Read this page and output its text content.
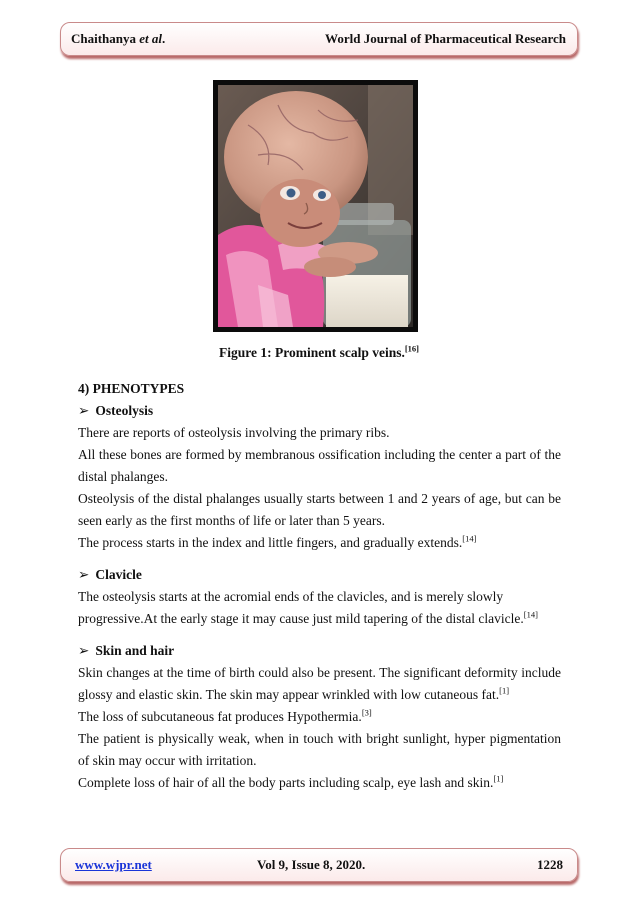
Chaithanya et al.	World Journal of Pharmaceutical Research
Figure 1: Prominent scalp veins.[16]

4) PHENOTYPES

➢ Osteolysis

There are reports of osteolysis involving the primary ribs.

All these bones are formed by membranous ossification including the center a part of the distal phalanges.

Osteolysis of the distal phalanges usually starts between 1 and 2 years of age, but can be seen early as the first months of life or later than 5 years.

The process starts in the index and little fingers, and gradually extends.[14]

➢ Clavicle

The osteolysis starts at the acromial ends of the clavicles, and is merely slowly progressive.At the early stage it may cause just mild tapering of the distal clavicle.[14]

➢ Skin and hair

Skin changes at the time of birth could also be present. The significant deformity include glossy and elastic skin. The skin may appear wrinkled with low cutaneous fat.[1]

The loss of subcutaneous fat produces Hypothermia.[3]

The patient is physically weak, when in touch with bright sunlight, hyper pigmentation of skin may occur with irritation.

Complete loss of hair of all the body parts including scalp, eye lash and skin.[1]

www.wjpr.net	Vol 9, Issue 8, 2020.	1228
